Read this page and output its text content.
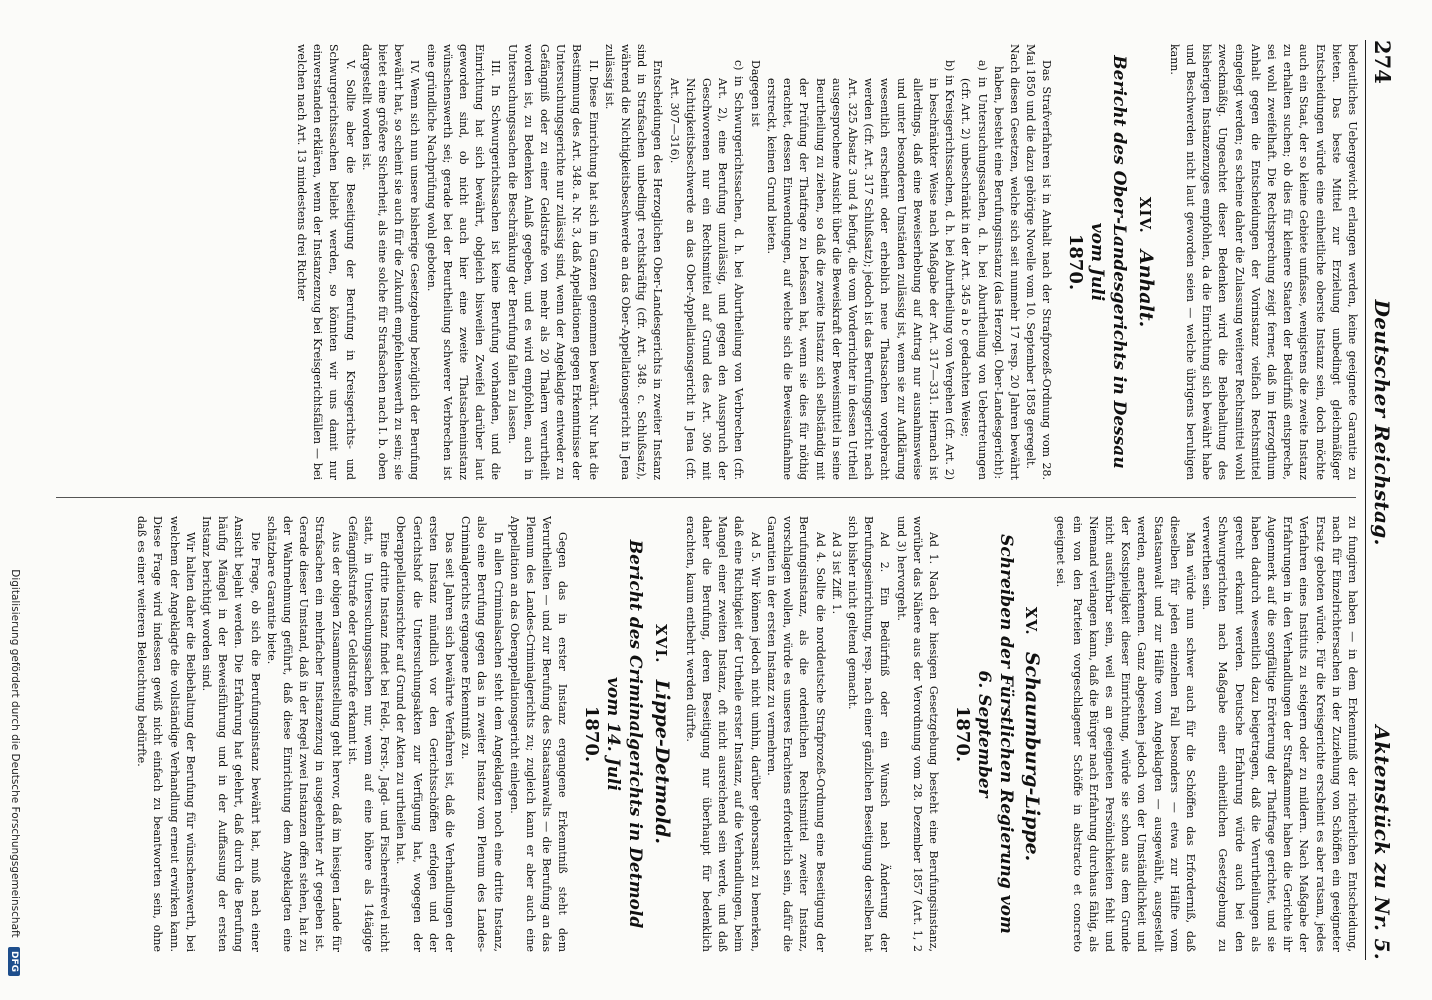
274
Deutscher Reichstag.
Aktenstück zu Nr. 5.

bedeutliches Uebergewicht erlangen werden, keine geeignete Garantie zu bieten. Das beste Mittel zur Erzielung unbedingt gleichmäßiger Entscheidungen würde eine einheitliche oberste Instanz sein, doch möchte auch ein Staat, der so kleine Gebiete umfasse, wenigstens die zweite Instanz zu erhalten suchen; ob dies für kleinere Staaten der Bedürfniß entspreche, sei wohl zweifelhaft. Die Rechtsprechung zeigt ferner, daß im Herzogthum Anhalt gegen die Entscheidungen der Vorinstanz vielfach Rechtsmittel eingelegt werden; es scheine daher die Zulassung weiterer Rechtsmittel wohl zweckmäßig. Ungeachtet dieser Bedenken wird die Beibehaltung des bisherigen Instanzenzuges empfohlen, da die Einrichtung sich bewährt habe und Beschwerden nicht laut geworden seien — welche übrigens beruhigen kann.

XIV. Anhalt.
Bericht des Ober-Landesgerichts in Dessau vom Juli
1870.

Das Strafverfahren ist in Anhalt nach der Strafprozeß-Ordnung vom 28. Mai 1850 und die dazu gehörige Novelle vom 10. September 1858 geregelt.

Nach diesen Gesetzen, welche sich seit nunmehr 17 resp. 20 Jahren bewährt haben, besteht eine Berufungsinstanz (das Herzogl. Ober-Landesgericht):

a) in Untersuchungssachen, d. h. bei Aburtheilung von Uebertretungen (cfr. Art. 2) unbeschränkt in der Art. 345 a b c gedachten Weise;

b) in Kreisgerichtssachen, d. h. bei Aburtheilung von Vergehen (cfr. Art. 2) in beschränkter Weise nach Maßgabe der Art. 317—331. Hiernach ist allerdings, daß eine Beweiserhebung auf Antrag nur ausnahmsweise und unter besonderen Umständen zulässig ist, wenn sie zur Aufklärung wesentlich erscheint oder erheblich neue Thatsachen vorgebracht werden (cfr. Art. 317 Schlußsatz); jedoch ist das Berufungsgericht nach Art. 325 Absatz 3 und 4 befugt, die vom Vorderrichter in dessen Urtheil ausgesprochene Ansicht über die Beweiskraft der Beweismittel in seine Beurtheilung zu ziehen, so daß die zweite Instanz sich selbständig mit der Prüfung der Thatfrage zu befassen hat, wenn sie dies für nöthig erachtet, dessen Einwendungen, auf welche sich die Beweisaufnahme erstreckt, keinen Grund bieten.

Dagegen ist

c) in Schwurgerichtssachen, d. h. bei Aburtheilung von Verbrechen (cfr. Art. 2), eine Berufung unzulässig, und gegen den Ausspruch der Geschworenen nur ein Rechtsmittel auf Grund des Art. 306 mit Nichtigkeitsbeschwerde an das Ober-Appellationsgericht in Jena (cfr. Art. 307—316).

Entscheidungen des Herzoglichen Ober-Landesgerichts in zweiter Instanz sind in Strafsachen unbedingt rechtskräftig (cfr. Art. 348. c. Schlußsatz), während die Nichtigkeitsbeschwerde an das Ober-Appellationsgericht in Jena zulässig ist.

II. Diese Einrichtung hat sich im Ganzen genommen bewährt. Nur hat die Bestimmung des Art. 348. a. Nr. 3, daß Appellationen gegen Erkenntnisse der Untersuchungsgerichte nur zulässig sind, wenn der Angeklagte entweder zu Gefängniß oder zu einer Geldstrafe von mehr als 20 Thalern verurtheilt worden ist, zu Bedenken Anlaß gegeben, und es wird empfohlen, auch in Untersuchungssachen die Beschränkung der Berufung fallen zu lassen.

III. In Schwurgerichtssachen ist keine Berufung vorhanden, und die Einrichtung hat sich bewährt, obgleich bisweilen Zweifel darüber laut geworden sind, ob nicht auch hier eine zweite Thatsacheninstanz wünschenswerth sei; gerade bei der Beurtheilung schwerer Verbrechen ist eine gründliche Nachprüfung wohl geboten.

IV. Wenn sich nun unsere bisherige Gesetzgebung bezüglich der Berufung bewährt hat, so scheint sie auch für die Zukunft empfehlenswerth zu sein; sie bietet eine größere Sicherheit, als eine solche für Strafsachen nach I. b. oben dargestellt worden ist.

V. Sollte aber die Beseitigung der Berufung in Kreisgerichts- und Schwurgerichtssachen beliebt werden, so könnten wir uns damit nur einverstanden erklären, wenn der Instanzenzug bei Kreisgerichtsfällen — bei welchen nach Art. 13 mindestens drei Richter

zu fungiren haben — in dem Erkenntniß der richterlichen Entscheidung, nach für Einzelrichtersachen in der Zuziehung von Schöffen ein geeigneter Ersatz geboten würde. Für die Kreisgerichte erscheint es aber ratsam, jedes Verfahren eines Instituts zu steigern oder zu mildern. Nach Maßgabe der Erfahrungen in den Verhandlungen der Strafkammer haben die Gerichte ihr Augenmerk auf die sorgfältige Erörterung der Thatfrage gerichtet, und sie haben dadurch wesentlich dazu beigetragen, daß die Verurtheilungen als gerecht erkannt werden. Deutsche Erfahrung würde auch bei den Schwurgerichten nach Maßgabe einer einheitlichen Gesetzgebung zu verwerthen sein.

Man würde nun schwer auch für die Schöffen das Erforderniß, daß dieselben für jeden einzelnen Fall besonders — etwa zur Hälfte vom Staatsanwalt und zur Hälfte vom Angeklagten — ausgewählt, ausgestellt werden, anerkennen. Ganz abgesehen jedoch von der Umständlichkeit und der Kostspieligkeit dieser Einrichtung, würde sie schon aus dem Grunde nicht ausführbar sein, weil es an geeigneten Persönlichkeiten fehlt und Niemand verlangen kann, daß die Bürger nach Erfahrung durchaus fähig, als ein von den Parteien vorgeschlagener Schöffe in abstracto et concreto geeignet sei.

XV. Schaumburg-Lippe.
Schreiben der Fürstlichen Regierung vom 6. September
1870.

Ad 1. Nach der hiesigen Gesetzgebung besteht eine Berufungsinstanz, worüber das Nähere aus der Verordnung vom 28. Dezember 1857 (Art. 1, 2 und 3) hervorgeht.

Ad 2. Ein Bedürfniß oder ein Wunsch nach Änderung der Berufungseinrichtung, resp. nach einer gänzlichen Beseitigung derselben hat sich bisher nicht geltend gemacht.

Ad 3 ist Ziff. 1.

Ad 4. Sollte die norddeutsche Strafprozeß-Ordnung eine Beseitigung der Berufungsinstanz, als die ordentlichen Rechtsmittel zweiter Instanz, vorschlagen wollen, würde es unseres Erachtens erforderlich sein, dafür die Garantien in der ersten Instanz zu vermehren.

Ad 5. Wir können jedoch nicht umhin, darüber gehorsamst zu bemerken, daß eine Richtigkeit der Urtheile erster Instanz, auf die Verhandlungen, beim Mangel einer zweiten Instanz, oft nicht ausreichend sein werde, und daß daher die Berufung, deren Beseitigung nur überhaupt für bedenklich erachten, kaum entbehrt werden dürfte.

XVI. Lippe-Detmold.
Bericht des Criminalgerichts in Detmold vom 14. Juli
1870.

Gegen das in erster Instanz ergangene Erkenntniß steht dem Verurtheilten — und zur Berufung des Staatsanwalts — die Berufung an das Plenum des Landes-Criminalgerichts zu; zugleich kann er aber auch eine Appellation an das Oberappellationsgericht einlegen.

In allen Criminalsachen steht dem Angeklagten noch eine dritte Instanz, also eine Berufung gegen das in zweiter Instanz vom Plenum des Landes-Criminalgerichts ergangene Erkenntniß zu.

Das seit Jahren sich bewährte Verfahren ist, daß die Verhandlungen der ersten Instanz mündlich vor den Gerichtsschöffen erfolgen und der Gerichtshof die Untersuchungsakten zur Verfügung hat, wogegen der Oberappellationsrichter auf Grund der Akten zu urtheilen hat.

Eine dritte Instanz findet bei Feld-, Forst-, Jagd- und Fischereifrevel nicht statt, in Untersuchungssachen nur, wenn auf eine höhere als 14tägige Gefängnißstrafe oder Geldstrafe erkannt ist.

Aus der obigen Zusammenstellung geht hervor, daß im hiesigen Lande für Strafsachen ein mehrfacher Instanzenzug in ausgedehnter Art gegeben ist. Gerade dieser Umstand, daß in der Regel zwei Instanzen offen stehen, hat zu der Wahrnehmung geführt, daß diese Einrichtung dem Angeklagten eine schätzbare Garantie biete.

Die Frage, ob sich die Berufungsinstanz bewährt hat, muß nach einer Ansicht bejaht werden. Die Erfahrung hat gelehrt, daß durch die Berufung häufig Mängel in der Beweisführung und in der Auffassung der ersten Instanz berichtigt worden sind.

Wir halten daher die Beibehaltung der Berufung für wünschenswerth, bei welchem der Angeklagte die vollständige Verhandlung erneut erwirken kann. Diese Frage wird indessen gewiß nicht einfach zu beantworten sein, ohne daß es einer weiteren Beleuchtung bedürfte.

Digitalisierung gefördert durch die Deutsche Forschungsgemeinschaft DFG
